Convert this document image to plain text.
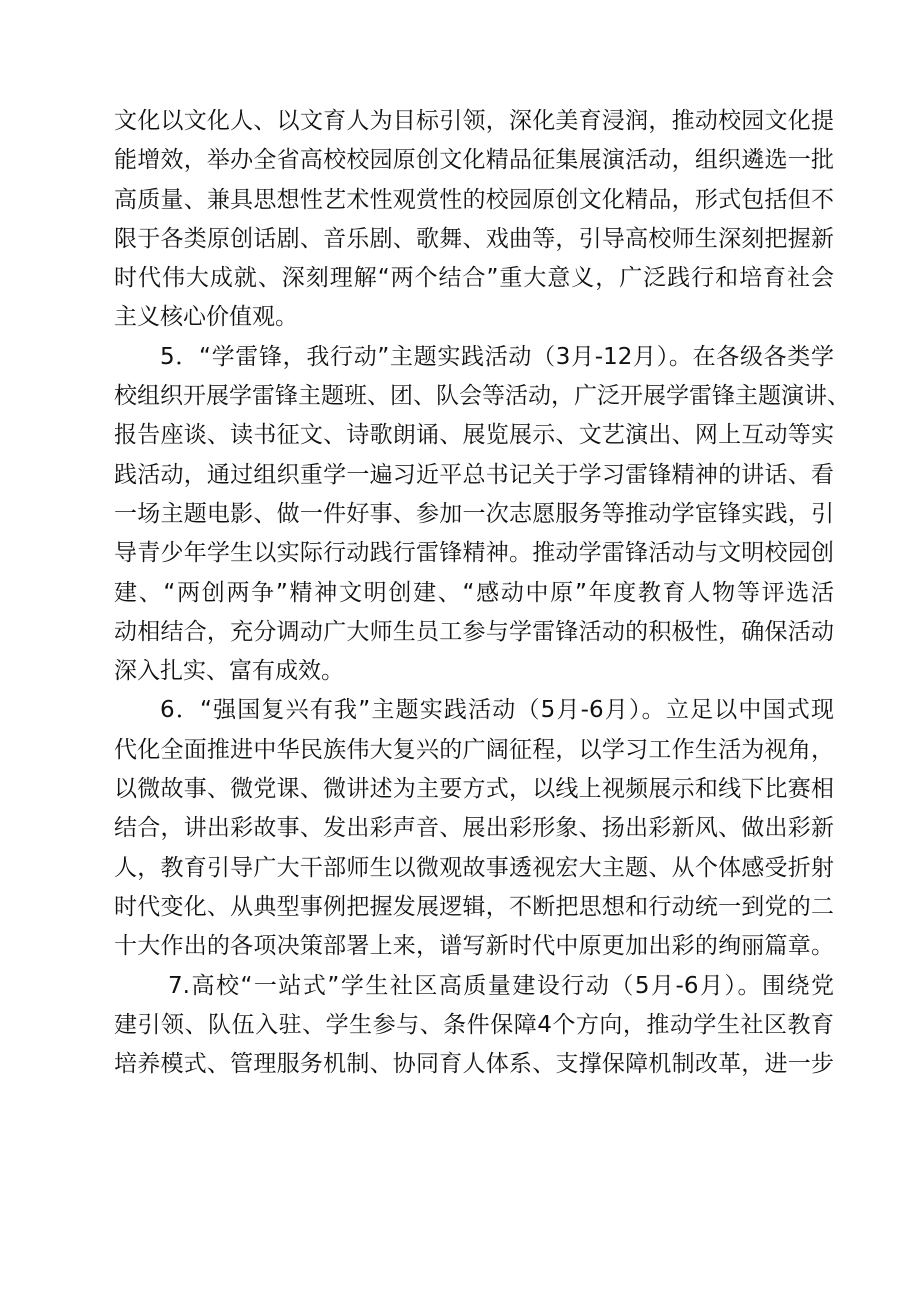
文化以文化人、以文育人为目标引领，深化美育浸润，推动校园文化提
能增效，举办全省高校校园原创文化精品征集展演活动，组织遴选一批
高质量、兼具思想性艺术性观赏性的校园原创文化精品，形式包括但不
限于各类原创话剧、音乐剧、歌舞、戏曲等，引导高校师生深刻把握新
时代伟大成就、深刻理解“两个结合”重大意义，广泛践行和培育社会
主义核心价值观。
5．“学雷锋，我行动”主题实践活动（3月-12月）。在各级各类学
校组织开展学雷锋主题班、团、队会等活动，广泛开展学雷锋主题演讲、
报告座谈、读书征文、诗歌朗诵、展览展示、文艺演出、网上互动等实
践活动，通过组织重学一遍习近平总书记关于学习雷锋精神的讲话、看
一场主题电影、做一件好事、参加一次志愿服务等推动学宦锋实践，引
导青少年学生以实际行动践行雷锋精神。推动学雷锋活动与文明校园创
建、“两创两争”精神文明创建、“感动中原”年度教育人物等评选活
动相结合，充分调动广大师生员工参与学雷锋活动的积极性，确保活动
深入扎实、富有成效。
6．“强国复兴有我”主题实践活动（5月-6月）。立足以中国式现
代化全面推进中华民族伟大复兴的广阔征程，以学习工作生活为视角，
以微故事、微党课、微讲述为主要方式，以线上视频展示和线下比赛相
结合，讲出彩故事、发出彩声音、展出彩形象、扬出彩新风、做出彩新
人，教育引导广大干部师生以微观故事透视宏大主题、从个体感受折射
时代变化、从典型事例把握发展逻辑，不断把思想和行动统一到党的二
十大作出的各项决策部署上来，谱写新时代中原更加出彩的绚丽篇章。
7.高校“一站式”学生社区高质量建设行动（5月-6月）。围绕党
建引领、队伍入驻、学生参与、条件保障4个方向，推动学生社区教育
培养模式、管理服务机制、协同育人体系、支撑保障机制改革，进一步
